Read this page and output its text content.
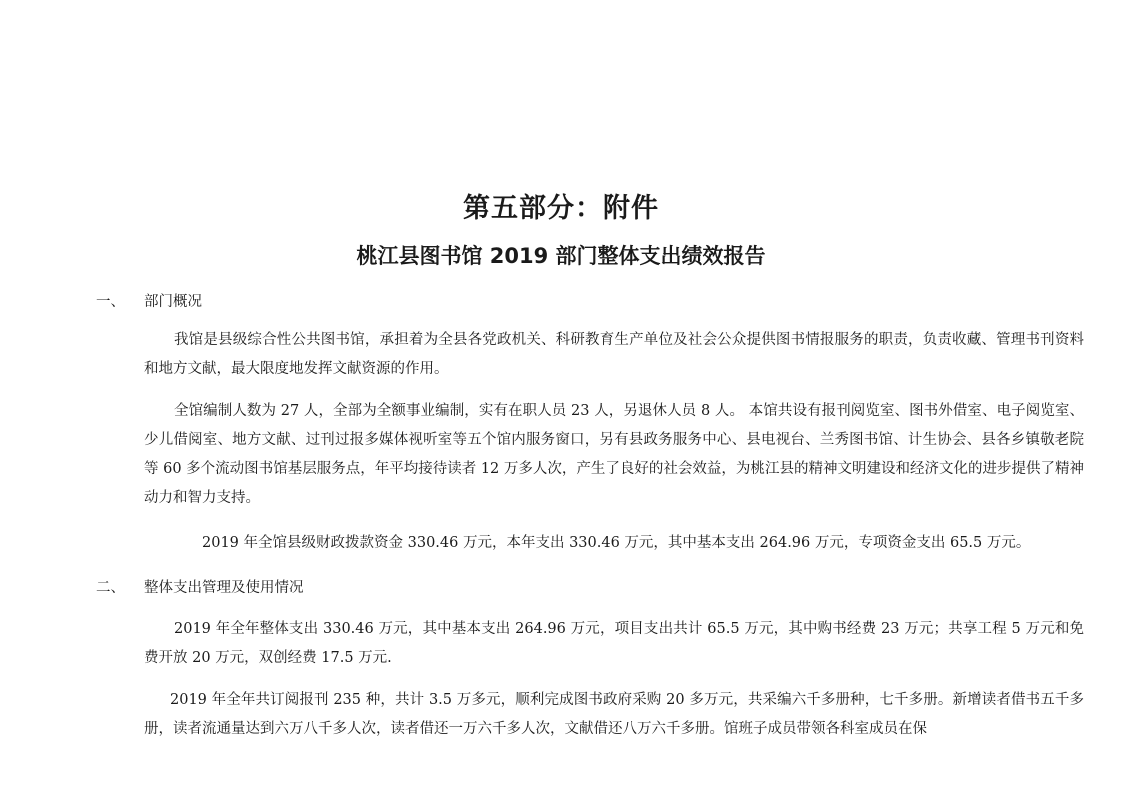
第五部分：附件
桃江县图书馆 2019 部门整体支出绩效报告
一、 部门概况

我馆是县级综合性公共图书馆，承担着为全县各党政机关、科研教育生产单位及社会公众提供图书情报服务的职责，负责收藏、管理书刊资料和地方文献，最大限度地发挥文献资源的作用。

全馆编制人数为 27 人，全部为全额事业编制，实有在职人员 23 人，另退休人员 8 人。 本馆共设有报刊阅览室、图书外借室、电子阅览室、少儿借阅室、地方文献、过刊过报多媒体视听室等五个馆内服务窗口，另有县政务服务中心、县电视台、兰秀图书馆、计生协会、县各乡镇敬老院等 60 多个流动图书馆基层服务点，年平均接待读者 12 万多人次，产生了良好的社会效益，为桃江县的精神文明建设和经济文化的进步提供了精神动力和智力支持。

2019 年全馆县级财政拨款资金 330.46 万元，本年支出 330.46 万元，其中基本支出 264.96 万元，专项资金支出 65.5 万元。

二、 整体支出管理及使用情况

2019 年全年整体支出 330.46 万元，其中基本支出 264.96 万元，项目支出共计 65.5 万元，其中购书经费 23 万元；共享工程 5 万元和免费开放 20 万元，双创经费 17.5 万元.

2019 年全年共订阅报刊 235 种，共计 3.5 万多元，顺利完成图书政府采购 20 多万元，共采编六千多册种，七千多册。新增读者借书五千多册，读者流通量达到六万八千多人次，读者借还一万六千多人次，文献借还八万六千多册。馆班子成员带领各科室成员在保
